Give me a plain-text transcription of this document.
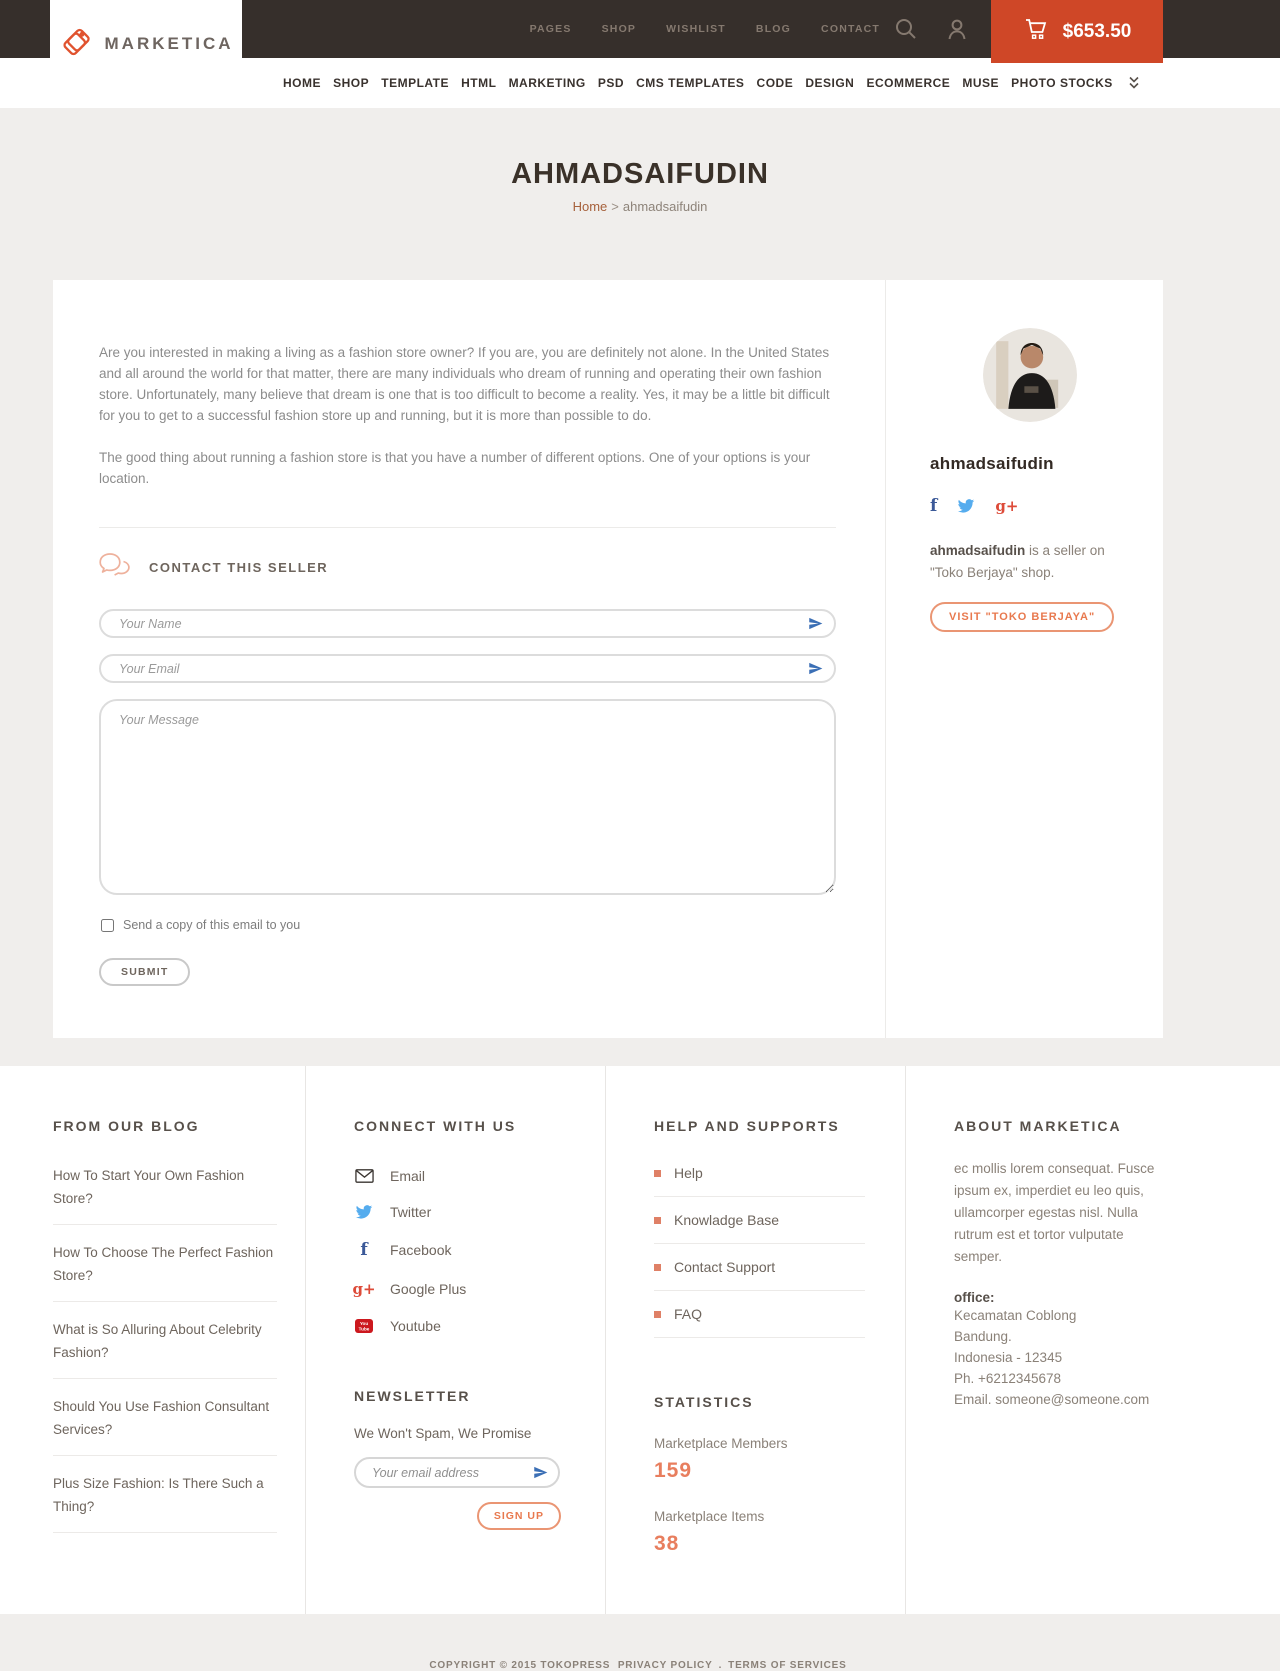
MARKETICA
PAGES	SHOP	WISHLIST	BLOG	CONTACT	$653.50
HOME SHOP TEMPLATE HTML MARKETING PSD CMS TEMPLATES CODE DESIGN ECOMMERCE MUSE PHOTO STOCKS
AHMADSAIFUDIN
Home > ahmadsaifudin

Are you interested in making a living as a fashion store owner? If you are, you are definitely not alone. In the United States and all around the world for that matter, there are many individuals who dream of running and operating their own fashion store. Unfortunately, many believe that dream is one that is too difficult to become a reality. Yes, it may be a little bit difficult for you to get to a successful fashion store up and running, but it is more than possible to do.

The good thing about running a fashion store is that you have a number of different options. One of your options is your location.

CONTACT THIS SELLER
Your Name
Your Email
Your Message
Send a copy of this email to you
SUBMIT
ahmadsaifudin
f	g+

ahmadsaifudin is a seller on "Toko Berjaya" shop.

VISIT "TOKO BERJAYA"
FROM OUR BLOG
How To Start Your Own Fashion Store?
How To Choose The Perfect Fashion Store?
What is So Alluring About Celebrity Fashion?
Should You Use Fashion Consultant Services?
Plus Size Fashion: Is There Such a Thing?
CONNECT WITH US
Email
Twitter
f	Facebook
g+ Google Plus
You
Tube Youtube
NEWSLETTER

We Won't Spam, We Promise

Your email address
SIGN UP
HELP AND SUPPORTS
Help
Knowladge Base
Contact Support
FAQ
STATISTICS
Marketplace Members
159
Marketplace Items
38
ABOUT MARKETICA

ec mollis lorem consequat. Fusce ipsum ex, imperdiet eu leo quis, ullamcorper egestas nisl. Nulla rutrum est et tortor vulputate semper.

office:
Kecamatan Coblong
Bandung.
Indonesia - 12345
Ph. +6212345678
Email. someone@someone.com
COPYRIGHT © 2015 TOKOPRESS PRIVACY POLICY . TERMS OF SERVICES
